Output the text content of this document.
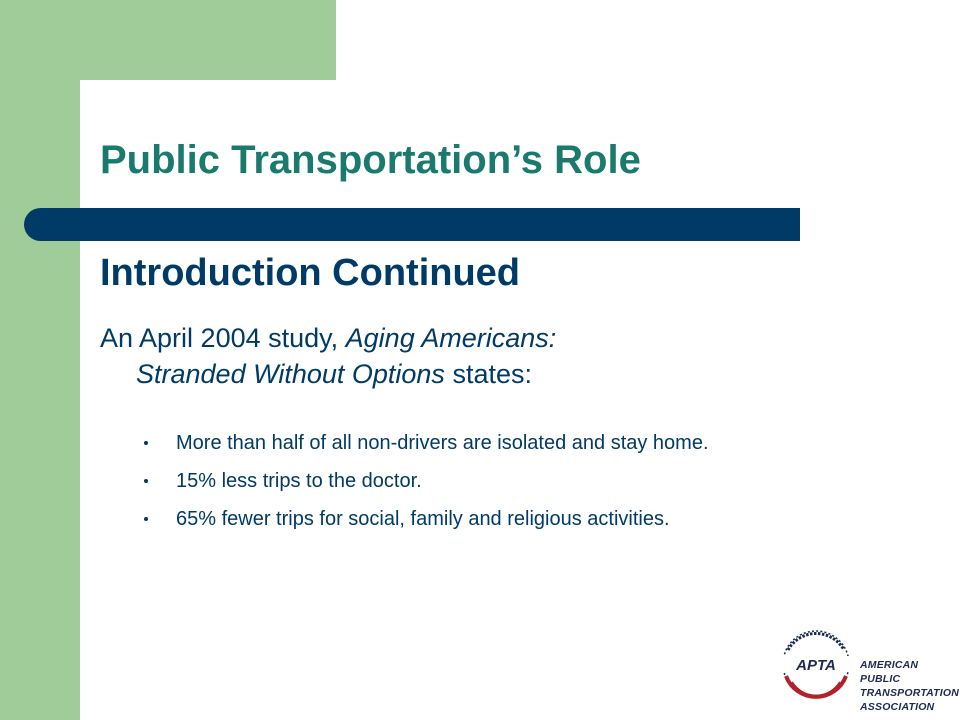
Public Transportation’s Role
Introduction Continued
An April 2004 study, Aging Americans:
Stranded Without Options states:
More than half of all non-drivers are isolated and stay home.
15% less trips to the doctor.
65% fewer trips for social, family and religious activities.
APTA AMERICAN
PUBLIC
TRANSPORTATION
ASSOCIATION
